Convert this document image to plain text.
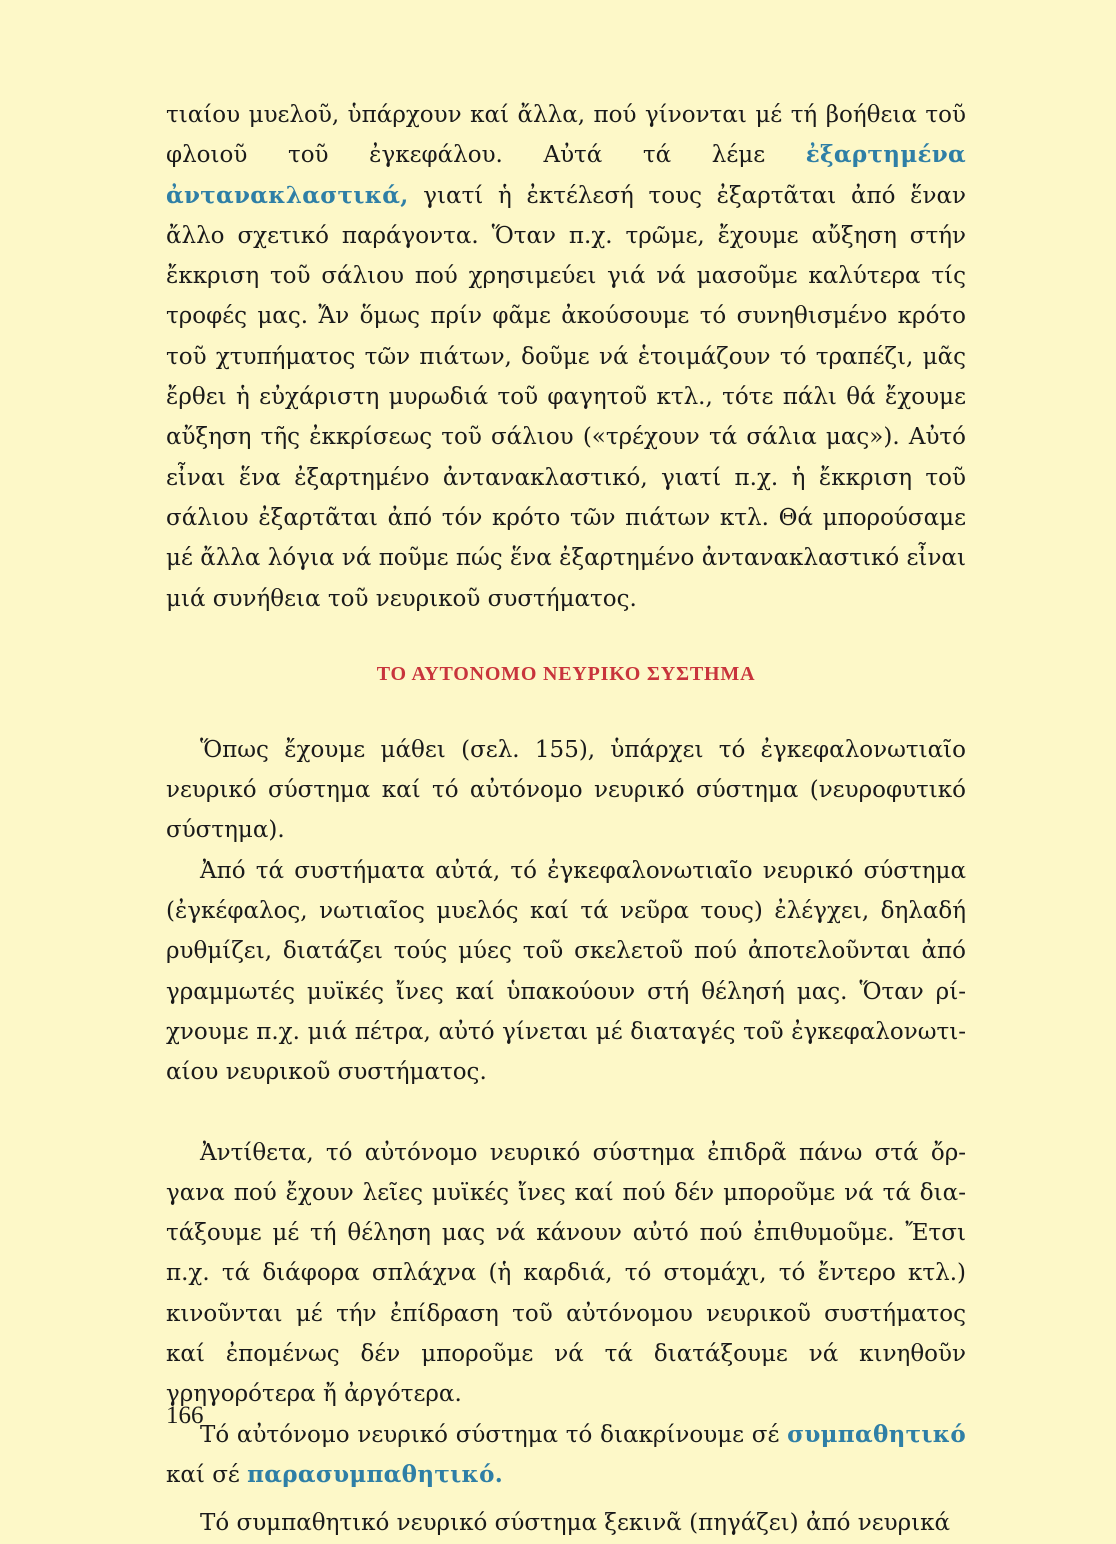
τιαίου μυελοῦ, ὑπάρχουν καί ἄλλα, πού γίνονται μέ τή βοήθεια τοῦ φλοιοῦ τοῦ ἐγκεφάλου. Αὐτά τά λέμε ἐξαρτημένα ἀντανακλαστικά, γιατί ἡ ἐκτέλεσή τους ἐξαρτᾶται ἀπό ἕναν ἄλλο σχετικό παράγοντα. Ὅταν π.χ. τρῶμε, ἔχουμε αὔξηση στήν ἔκκριση τοῦ σάλιου πού χρησιμεύει γιά νά μασοῦμε καλύτερα τίς τροφές μας. Ἄν ὅμως πρίν φᾶμε ἀκούσουμε τό συνηθισμένο κρότο τοῦ χτυπήματος τῶν πιάτων, δοῦμε νά ἑτοιμάζουν τό τραπέζι, μᾶς ἔρθει ἡ εὐχάριστη μυρωδιά τοῦ φαγητοῦ κτλ., τότε πάλι θά ἔχουμε αὔξηση τῆς ἐκκρίσεως τοῦ σάλιου («τρέχουν τά σάλια μας»). Αὐτό εἶναι ἕνα ἐξαρτημένο ἀντανακλαστικό, γιατί π.χ. ἡ ἔκκριση τοῦ σάλιου ἐξαρτᾶται ἀπό τόν κρότο τῶν πιάτων κτλ. Θά μπορούσαμε μέ ἄλλα λόγια νά ποῦμε πώς ἕνα ἐξαρτημένο ἀντανακλαστικό εἶναι μιά συνήθεια τοῦ νευρικοῦ συστήματος.

ΤΟ ΑΥΤΟΝΟΜΟ ΝΕΥΡΙΚΟ ΣΥΣΤΗΜΑ

Ὅπως ἔχουμε μάθει (σελ. 155), ὑπάρχει τό ἐγκεφαλονωτιαῖο νευρικό σύστημα καί τό αὐτόνομο νευρικό σύστημα (νευροφυτικό σύστημα).

Ἀπό τά συστήματα αὐτά, τό ἐγκεφαλονωτιαῖο νευρικό σύστημα (ἐγκέφαλος, νωτιαῖος μυελός καί τά νεῦρα τους) ἐλέγχει, δηλαδή ρυθμίζει, διατάζει τούς μύες τοῦ σκελετοῦ πού ἀποτελοῦνται ἀπό γραμμωτές μυϊκές ἴνες καί ὑπακούουν στή θέλησή μας. Ὅταν ρίχνουμε π.χ. μιά πέτρα, αὐτό γίνεται μέ διαταγές τοῦ ἐγκεφαλονωτιαίου νευρικοῦ συστήματος.

Ἀντίθετα, τό αὐτόνομο νευρικό σύστημα ἐπιδρᾶ πάνω στά ὄργανα πού ἔχουν λεῖες μυϊκές ἴνες καί πού δέν μποροῦμε νά τά διατάξουμε μέ τή θέληση μας νά κάνουν αὐτό πού ἐπιθυμοῦμε. Ἔτσι π.χ. τά διάφορα σπλάχνα (ἡ καρδιά, τό στομάχι, τό ἔντερο κτλ.) κινοῦνται μέ τήν ἐπίδραση τοῦ αὐτόνομου νευρικοῦ συστήματος καί ἐπομένως δέν μποροῦμε νά τά διατάξουμε νά κινηθοῦν γρηγορότερα ἤ ἀργότερα.

Τό αὐτόνομο νευρικό σύστημα τό διακρίνουμε σέ συμπαθητικό καί σέ παρασυμπαθητικό.

Τό συμπαθητικό νευρικό σύστημα ξεκινᾶ (πηγάζει) ἀπό νευρικά

166
